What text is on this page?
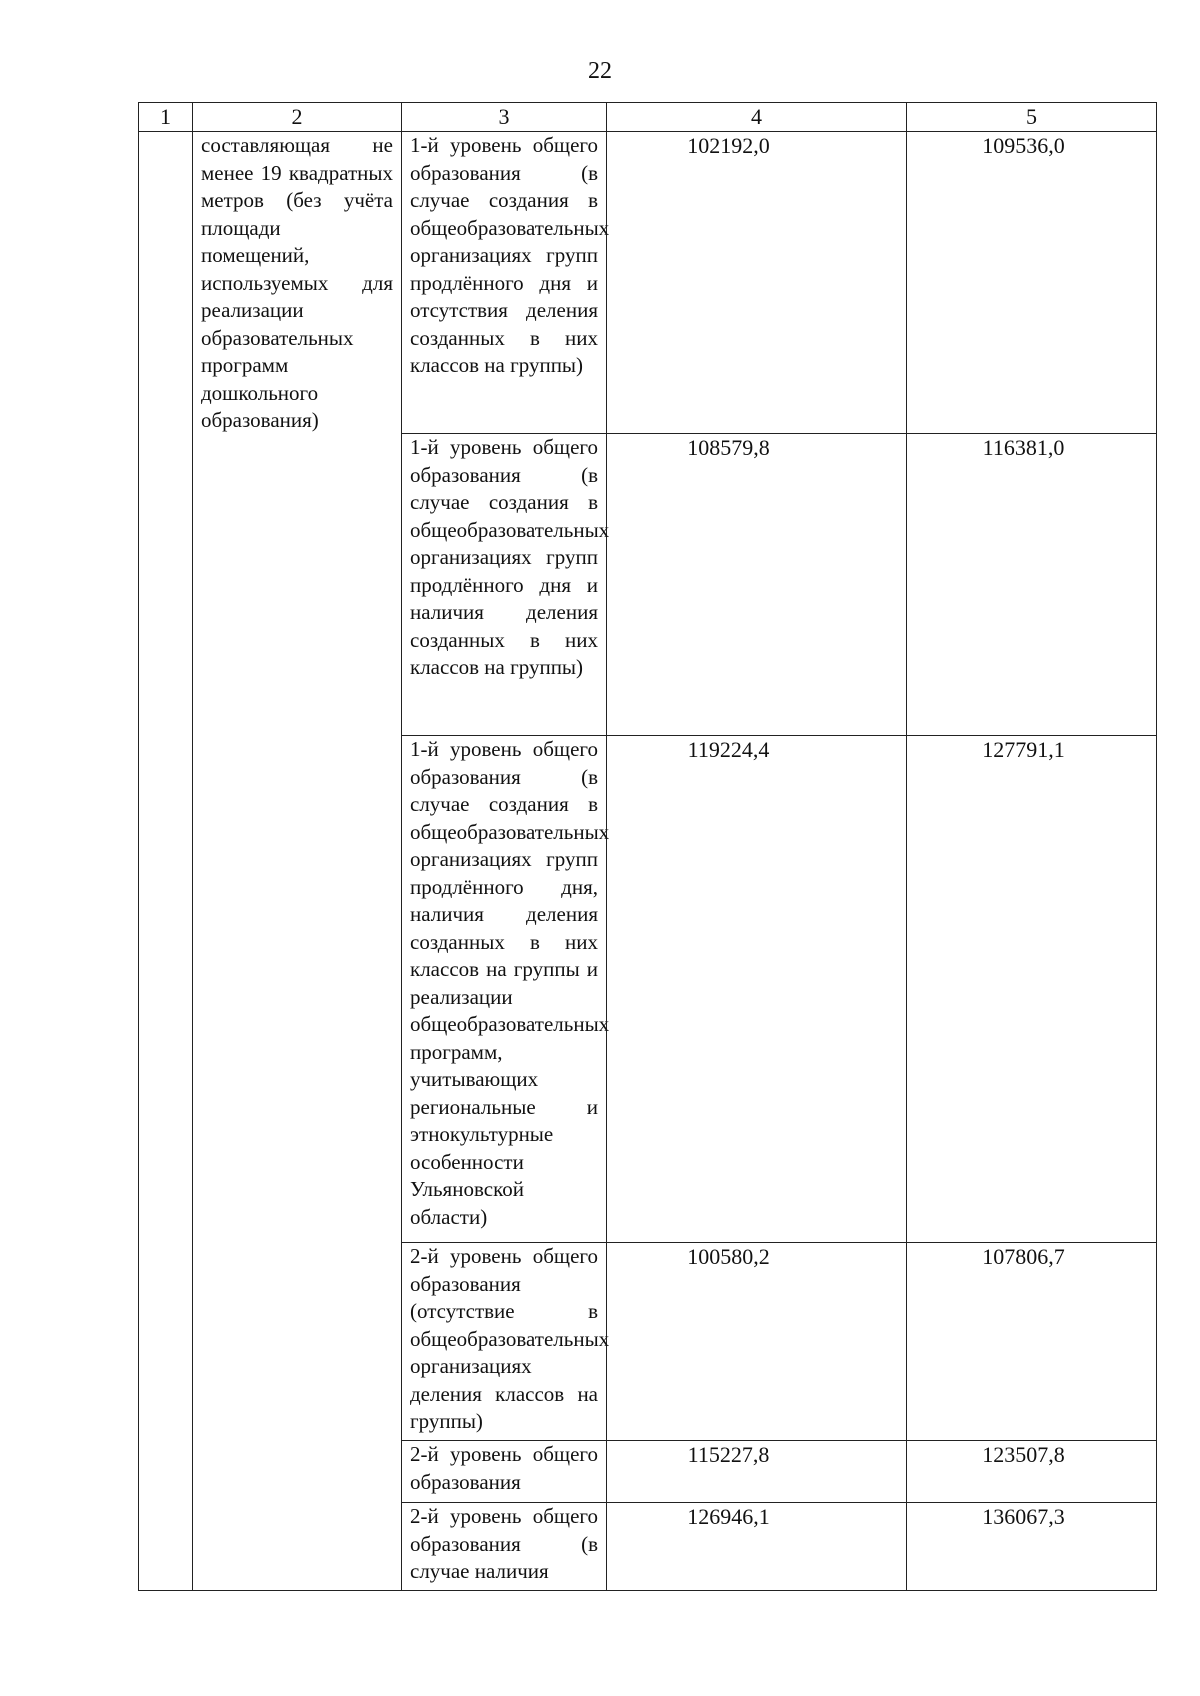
22
1	2	3	4	5

	составляющая не менее 19 квадратных метров (без учёта площади помещений, используемых для реализации образовательных программ дошкольного образования)	1-й уровень общего образования (в случае создания в общеобразовательных организациях групп продлённого дня и отсутствия деления созданных в них классов на группы)	102192,0	109536,0
		1-й уровень общего образования (в случае создания в общеобразовательных организациях групп продлённого дня и наличия деления созданных в них классов на группы)	108579,8	116381,0
		1-й уровень общего образования (в случае создания в общеобразовательных организациях групп продлённого дня, наличия деления созданных в них классов на группы и реализации общеобразовательных программ, учитывающих региональные и этнокультурные особенности Ульяновской области)	119224,4	127791,1
		2-й уровень общего образования (отсутствие в общеобразовательных организациях деления классов на группы)	100580,2	107806,7
		2-й уровень общего образования	115227,8	123507,8
		2-й уровень общего образования (в случае наличия	126946,1	136067,3
